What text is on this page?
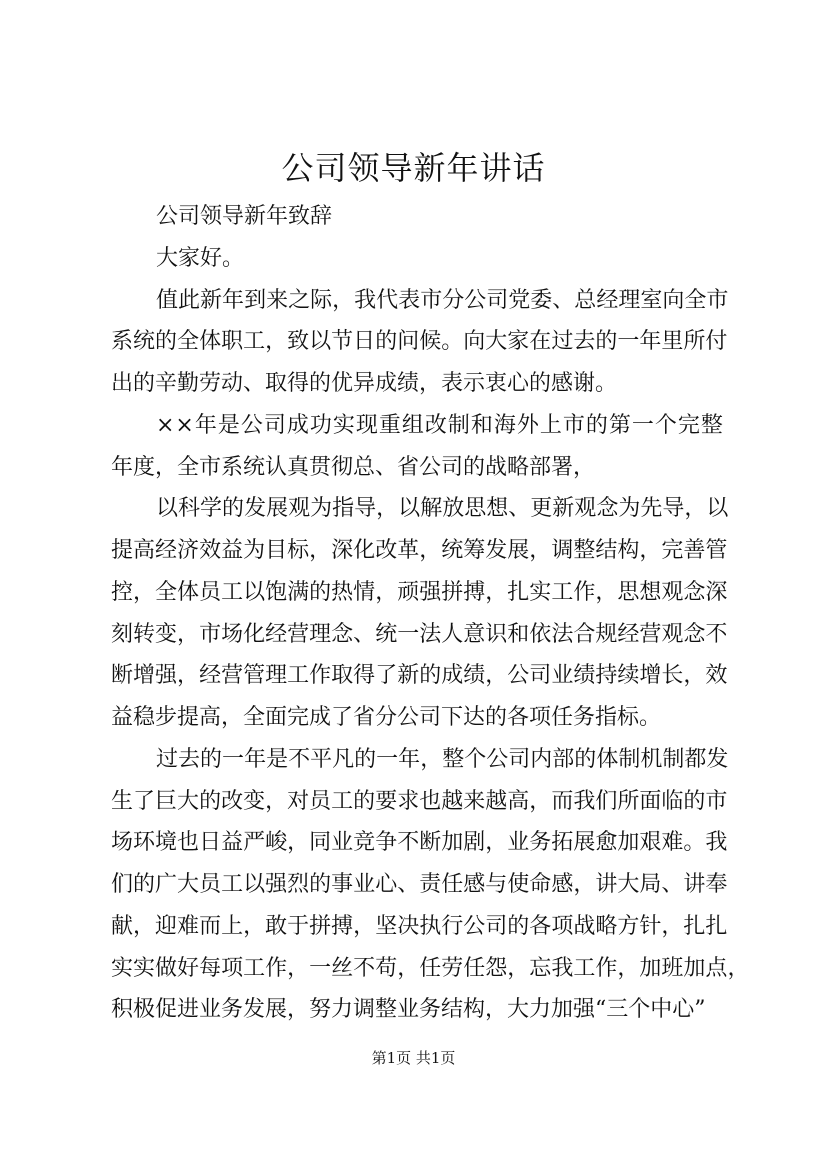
公司领导新年讲话
公司领导新年致辞
大家好。
值 此 新 年 到 来 之 际 ， 我 代 表 市 分 公 司 党 委 、 总 经 理 室 向 全 市
系 统 的 全 体 职 工 ， 致 以 节 日 的 问 候 。 向 大 家 在 过 去 的 一 年 里 所 付
出的辛勤劳动、取得的优异成绩，表示衷心的感谢。
× × 年 是 公 司 成 功 实 现 重 组 改 制 和 海 外 上 市 的 第 一 个 完 整
年度，全市系统认真贯彻总、省公司的战略部署，
以 科 学 的 发 展 观 为 指 导 ， 以 解 放 思 想 、 更 新 观 念 为 先 导 ， 以
提 高 经 济 效 益 为 目 标 ， 深 化 改 革 ， 统 筹 发 展 ， 调 整 结 构 ， 完 善 管
控 ， 全 体 员 工 以 饱 满 的 热 情 ， 顽 强 拼 搏 ， 扎 实 工 作 ， 思 想 观 念 深
刻 转 变 ， 市 场 化 经 营 理 念 、 统 一 法 人 意 识 和 依 法 合 规 经 营 观 念 不
断 增 强 ， 经 营 管 理 工 作 取 得 了 新 的 成 绩 ， 公 司 业 绩 持 续 增 长 ， 效
益稳步提高，全面完成了省分公司下达的各项任务指标。
过 去 的 一 年 是 不 平 凡 的 一 年 ， 整 个 公 司 内 部 的 体 制 机 制 都 发
生 了 巨 大 的 改 变 ， 对 员 工 的 要 求 也 越 来 越 高 ， 而 我 们 所 面 临 的 市
场 环 境 也 日 益 严 峻 ， 同 业 竞 争 不 断 加 剧 ， 业 务 拓 展 愈 加 艰 难 。 我
们 的 广 大 员 工 以 强 烈 的 事 业 心 、 责 任 感 与 使 命 感 ， 讲 大 局 、 讲 奉
献 ， 迎 难 而 上 ， 敢 于 拼 搏 ， 坚 决 执 行 公 司 的 各 项 战 略 方 针 ， 扎 扎
实 实 做 好 每 项 工 作 ， 一 丝 不 苟 ， 任 劳 任 怨 ， 忘 我 工 作 ， 加 班 加 点 ，
积极促进业务发展，努力调整业务结构，大力加强“三个中心”
第1页 共1页
